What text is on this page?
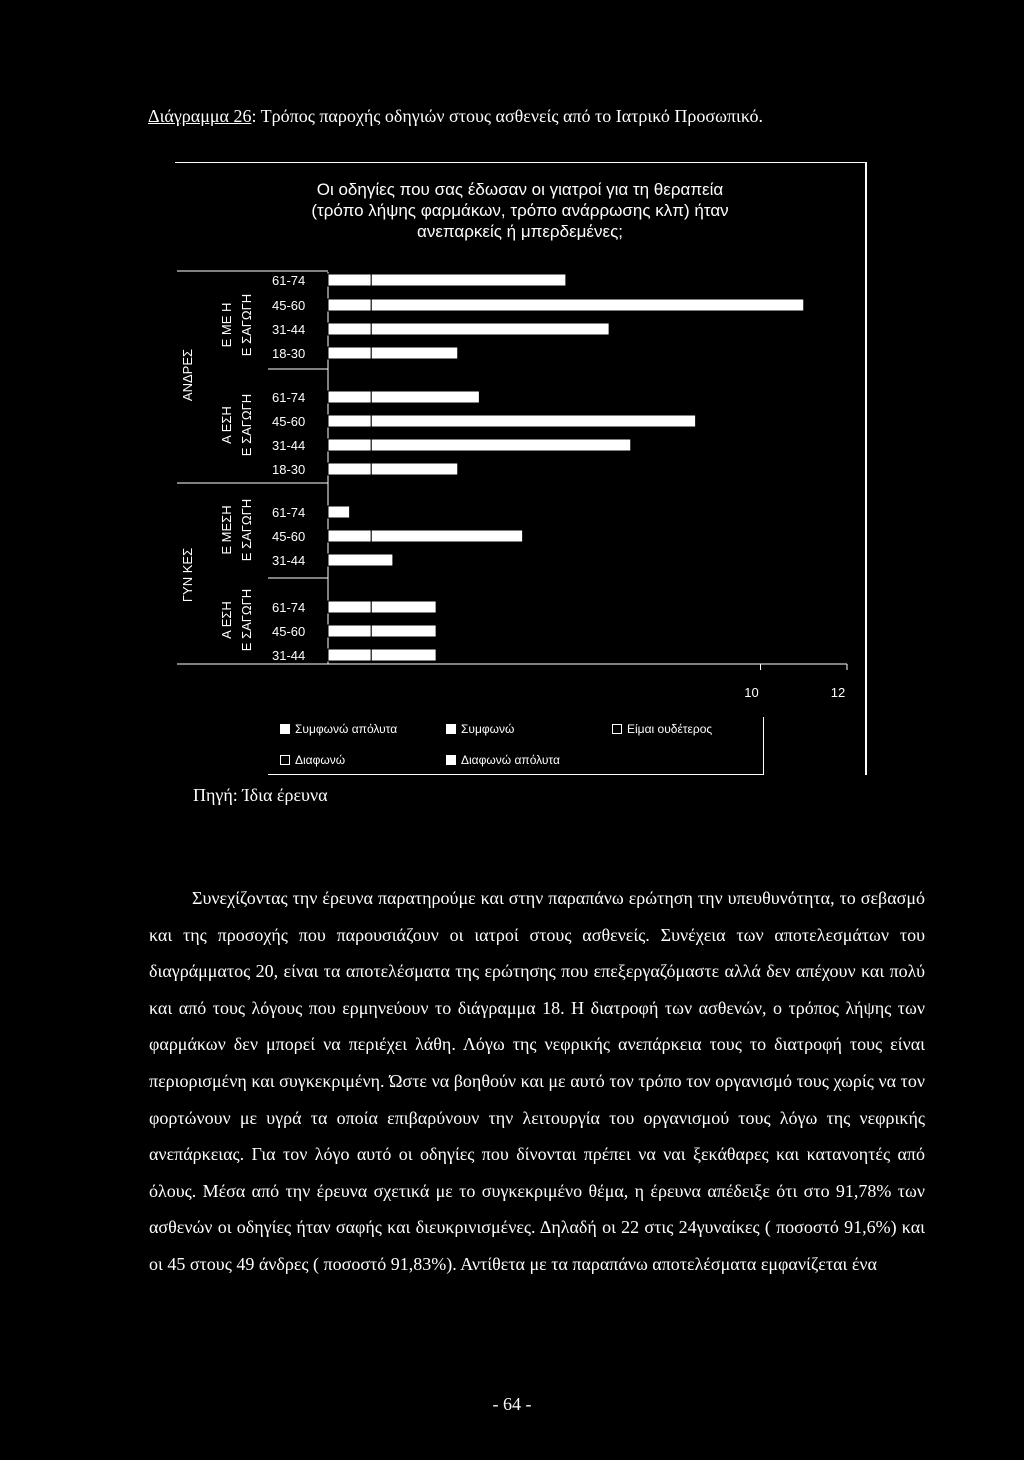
Διάγραμμα 26: Τρόπος παροχής οδηγιών στους ασθενείς από το Ιατρικό Προσωπικό.
Οι οδηγίες που σας έδωσαν οι γιατροί για τη θεραπεία
(τρόπο λήψης φαρμάκων, τρόπο ανάρρωσης κλπ) ήταν
ανεπαρκείς ή μπερδεμένες;
61-74
45-60
31-44
18-30
61-74
45-60
31-44
18-30
61-74
45-60
31-44
61-74
45-60
31-44
Ε ΜΕ Η Ε ΣΑΓΩΓΗ
Α ΕΣΗ Ε ΣΑΓΩΓΗ
Ε ΜΕΣΗ Ε ΣΑΓΩΓΗ
Α ΕΣΗ Ε ΣΑΓΩΓΗ
ΑΝΔΡΕΣ
ΓΥΝ ΚΕΣ
10	12
Συμφωνώ απόλυτα	Συμφωνώ	Είμαι ουδέτερος
Διαφωνώ	Διαφωνώ απόλυτα
Πηγή: Ίδια έρευνα

Συνεχίζοντας την έρευνα παρατηρούμε και στην παραπάνω ερώτηση την υπευθυνότητα, το σεβασμό και της προσοχής που παρουσιάζουν οι ιατροί στους ασθενείς. Συνέχεια των αποτελεσμάτων του διαγράμματος 20, είναι τα αποτελέσματα της ερώτησης που επεξεργαζόμαστε αλλά δεν απέχουν και πολύ και από τους λόγους που ερμηνεύουν το διάγραμμα 18. Η διατροφή των ασθενών, ο τρόπος λήψης των φαρμάκων δεν μπορεί να περιέχει λάθη. Λόγω της νεφρικής ανεπάρκεια τους το διατροφή τους είναι περιορισμένη και συγκεκριμένη. Ώστε να βοηθούν και με αυτό τον τρόπο τον οργανισμό τους χωρίς να τον φορτώνουν με υγρά τα οποία επιβαρύνουν την λειτουργία του οργανισμού τους λόγω της νεφρικής ανεπάρκειας. Για τον λόγο αυτό οι οδηγίες που δίνονται πρέπει να ναι ξεκάθαρες και κατανοητές από όλους. Μέσα από την έρευνα σχετικά με το συγκεκριμένο θέμα, η έρευνα απέδειξε ότι στο 91,78% των ασθενών οι οδηγίες ήταν σαφής και διευκρινισμένες. Δηλαδή οι 22 στις 24γυναίκες ( ποσοστό 91,6%) και οι 45 στους 49 άνδρες ( ποσοστό 91,83%). Αντίθετα με τα παραπάνω αποτελέσματα εμφανίζεται ένα

- 64 -
